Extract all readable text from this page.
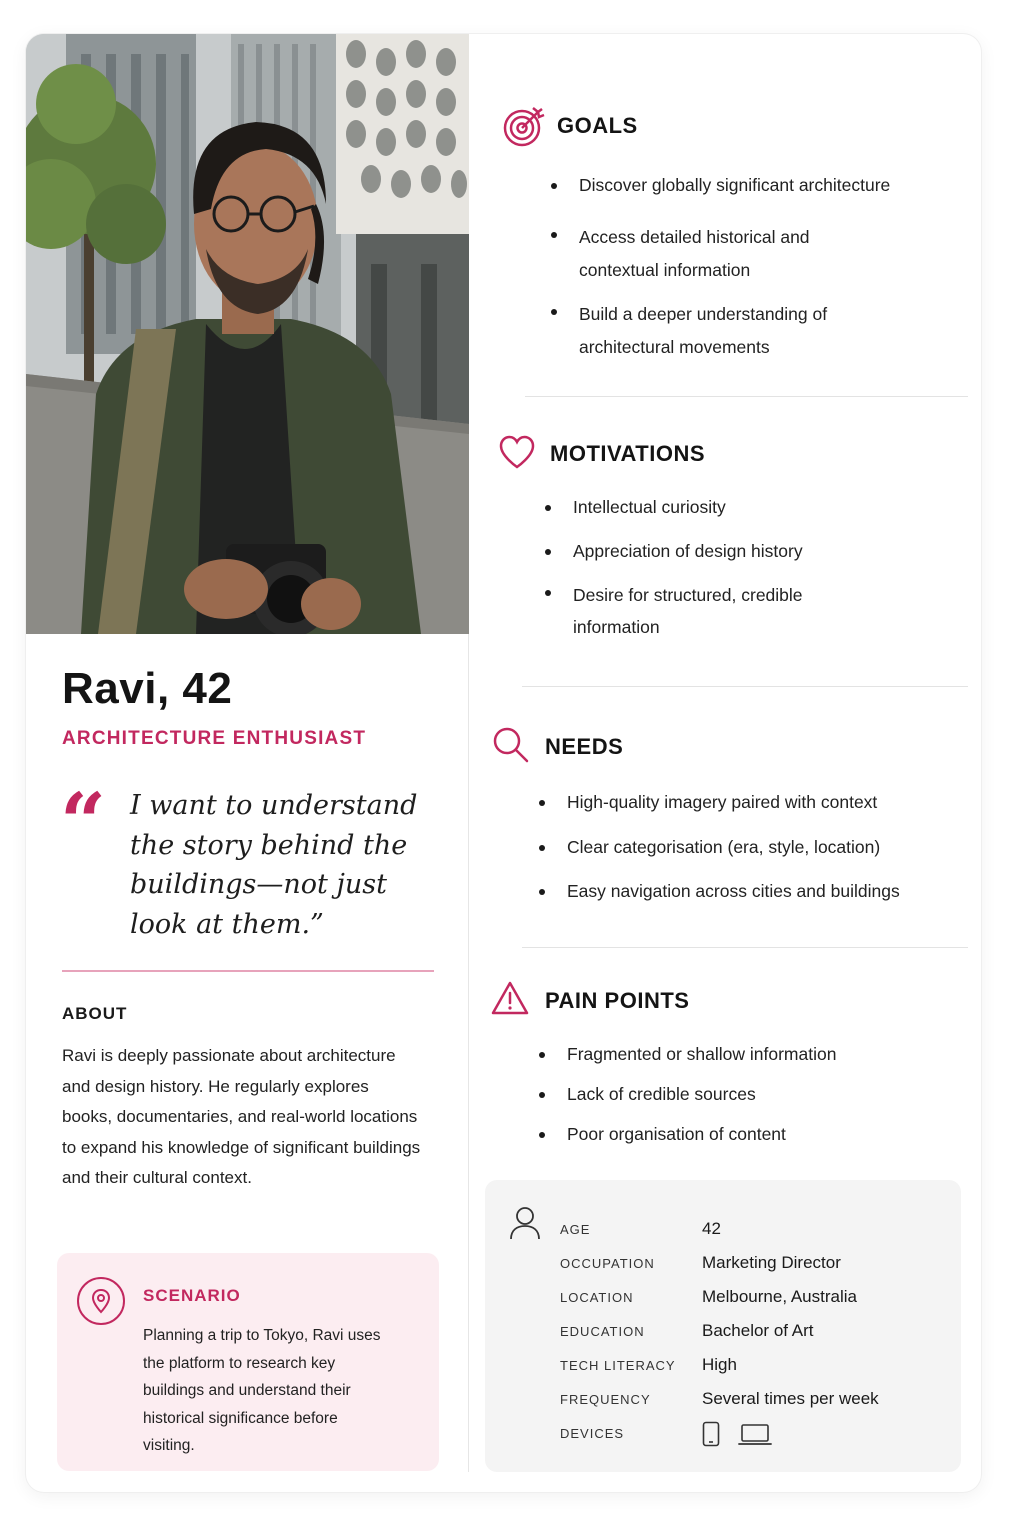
Ravi, 42
ARCHITECTURE ENTHUSIAST
“ I want to understand the story behind the buildings—not just look at them.”
ABOUT
Ravi is deeply passionate about architecture and design history. He regularly explores books, documentaries, and real-world locations to expand his knowledge of significant buildings and their cultural context.
SCENARIO
Planning a trip to Tokyo, Ravi uses the platform to research key buildings and understand their historical significance before visiting.
GOALS
Discover globally significant architecture
Access detailed historical and contextual information
Build a deeper understanding of architectural movements
MOTIVATIONS
Intellectual curiosity
Appreciation of design history
Desire for structured, credible information
NEEDS
High-quality imagery paired with context
Clear categorisation (era, style, location)
Easy navigation across cities and buildings
PAIN POINTS
Fragmented or shallow information
Lack of credible sources
Poor organisation of content
AGE	42
OCCUPATION	Marketing Director
LOCATION	Melbourne, Australia
EDUCATION	Bachelor of Art
TECH LITERACY High
FREQUENCY	Several times per week
DEVICES
